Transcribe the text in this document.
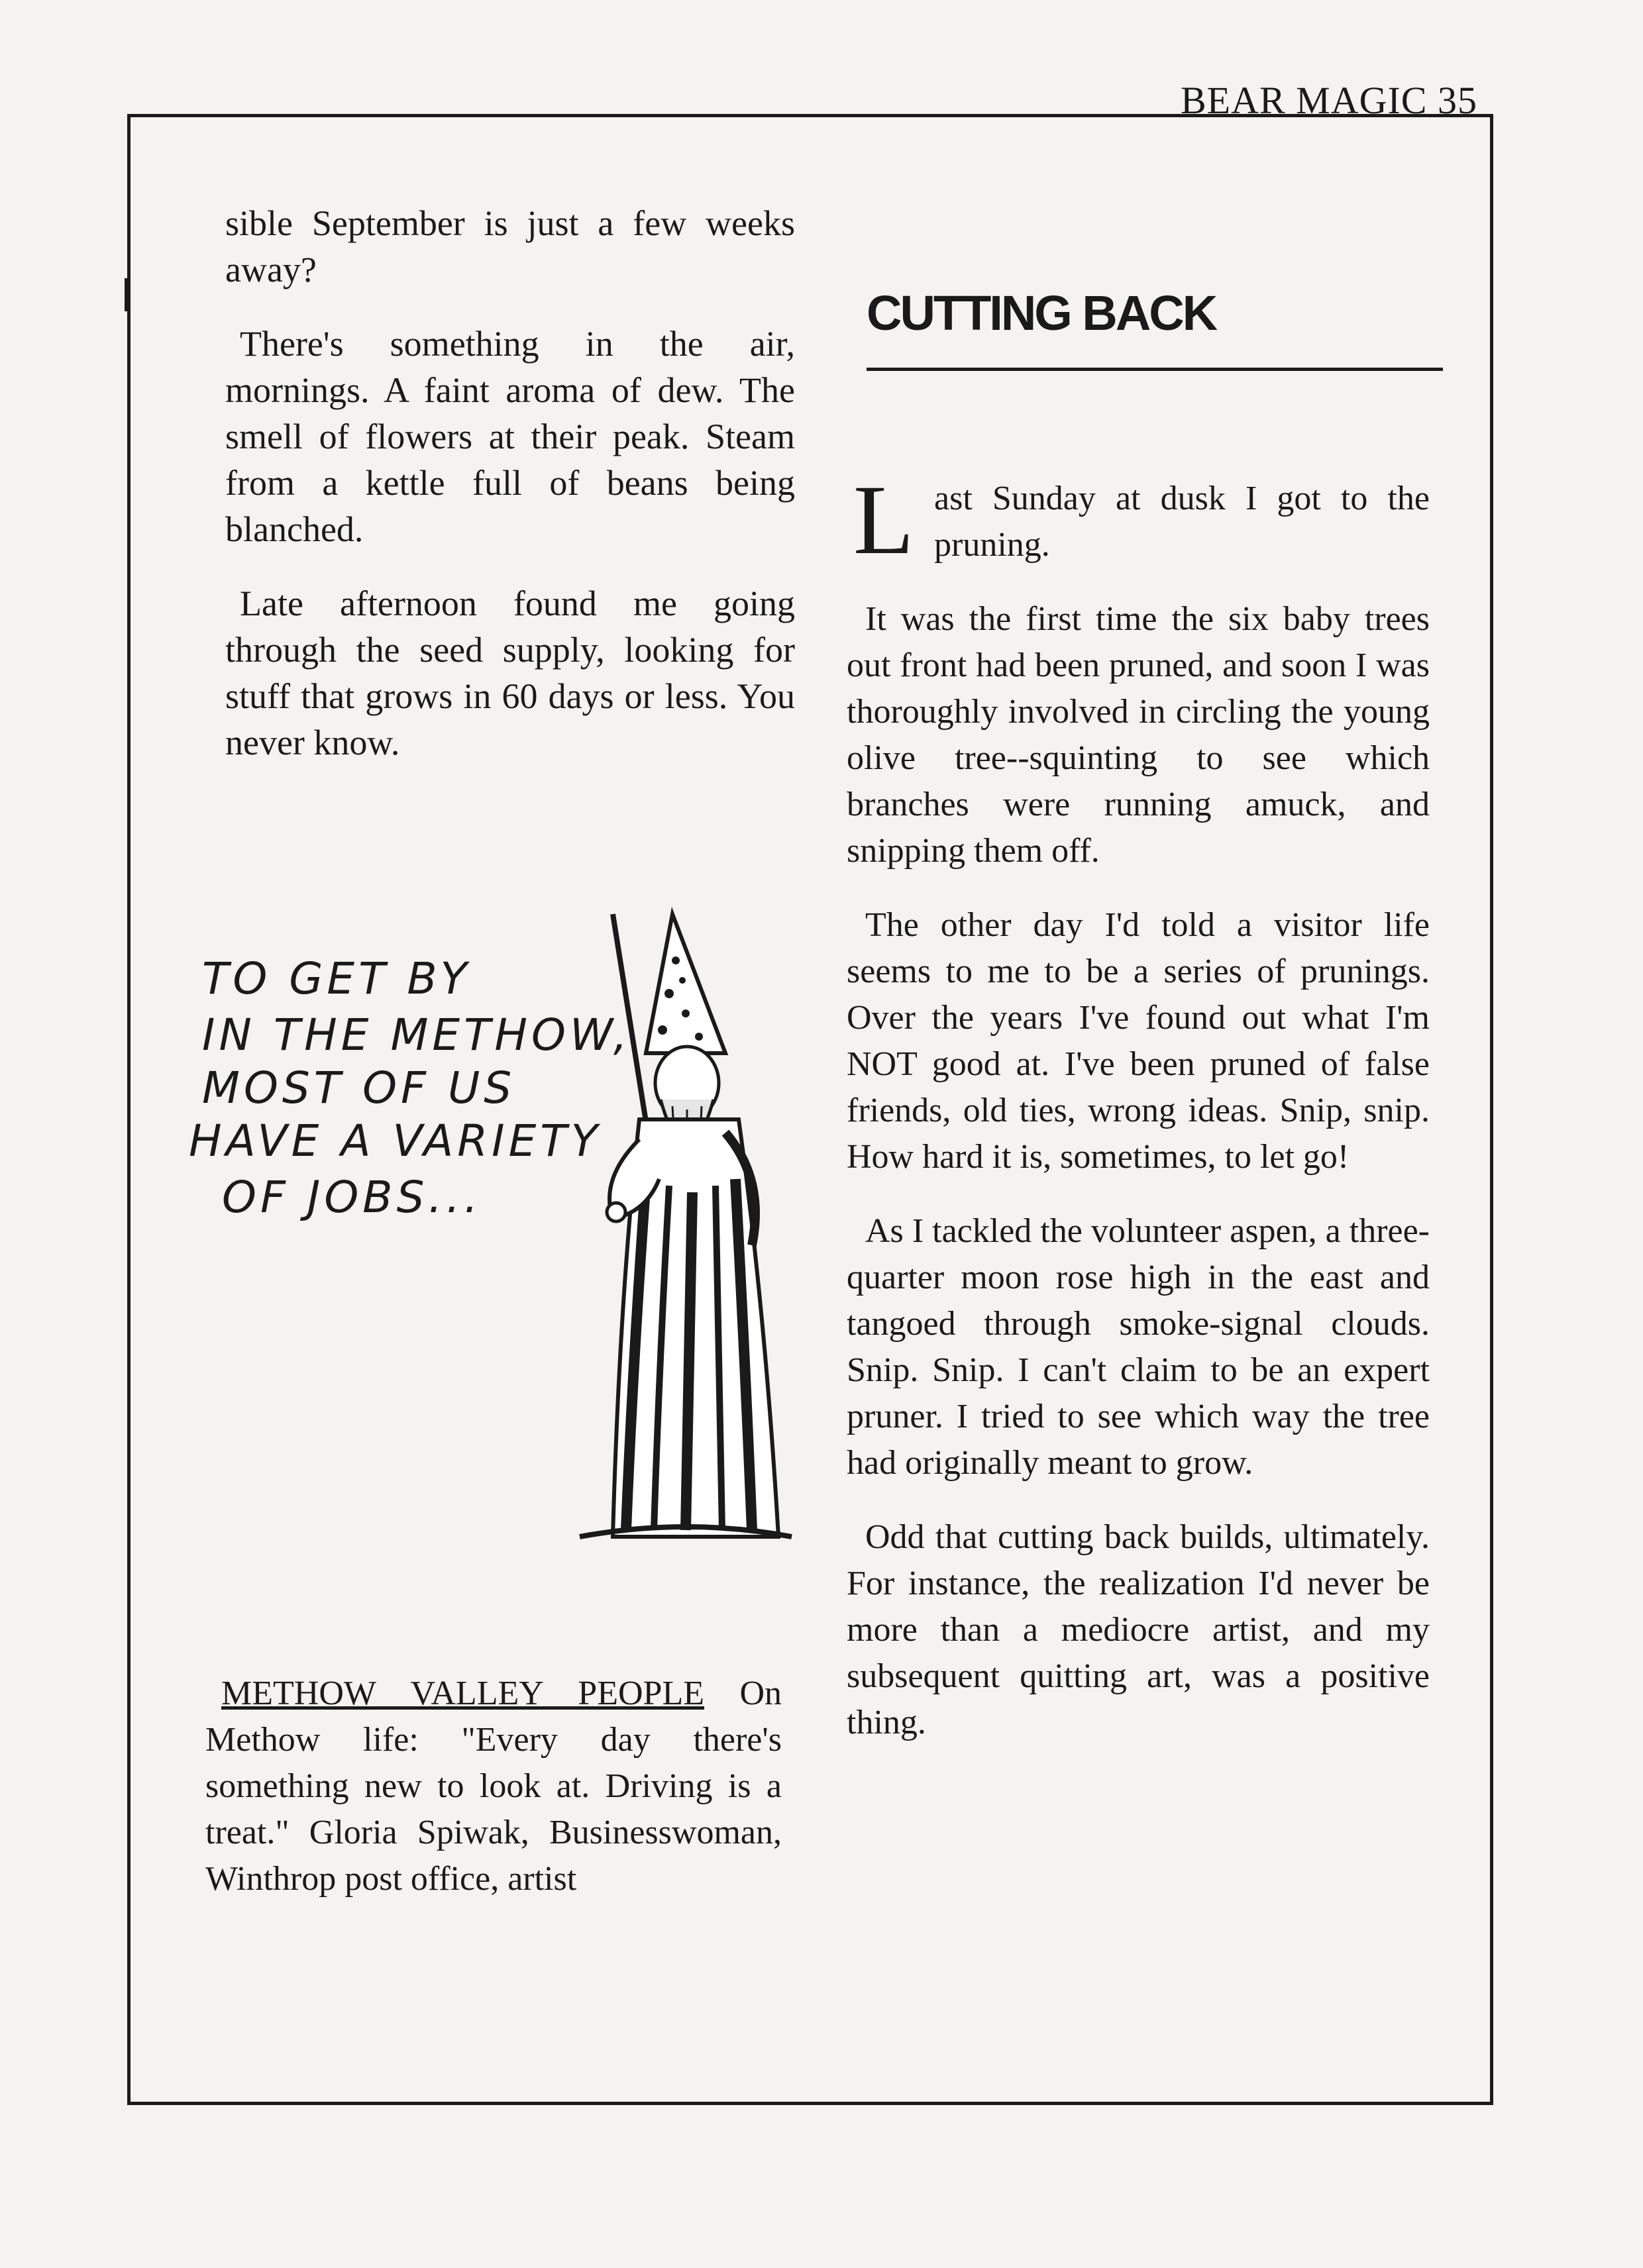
BEAR MAGIC 35

sible September is just a few weeks away?

There's something in the air, mornings. A faint aroma of dew. The smell of flowers at their peak. Steam from a kettle full of beans being blanched.

Late afternoon found me going through the seed supply, looking for stuff that grows in 60 days or less. You never know.

TO GET BY
IN THE METHOW,
MOST OF US
HAVE A VARIETY
OF JOBS...

METHOW VALLEY PEOPLE On Methow life: "Every day there's something new to look at. Driving is a treat." Gloria Spiwak, Businesswoman, Winthrop post office, artist

CUTTING BACK

L ast Sunday at dusk I got to the pruning.

It was the first time the six baby trees out front had been pruned, and soon I was thoroughly involved in circling the young olive tree--squinting to see which branches were running amuck, and snipping them off.

The other day I'd told a visitor life seems to me to be a series of prunings. Over the years I've found out what I'm NOT good at. I've been pruned of false friends, old ties, wrong ideas. Snip, snip. How hard it is, sometimes, to let go!

As I tackled the volunteer aspen, a three-quarter moon rose high in the east and tangoed through smoke-signal clouds. Snip. Snip. I can't claim to be an expert pruner. I tried to see which way the tree had originally meant to grow.

Odd that cutting back builds, ultimately. For instance, the realization I'd never be more than a mediocre artist, and my subsequent quitting art, was a positive thing.
